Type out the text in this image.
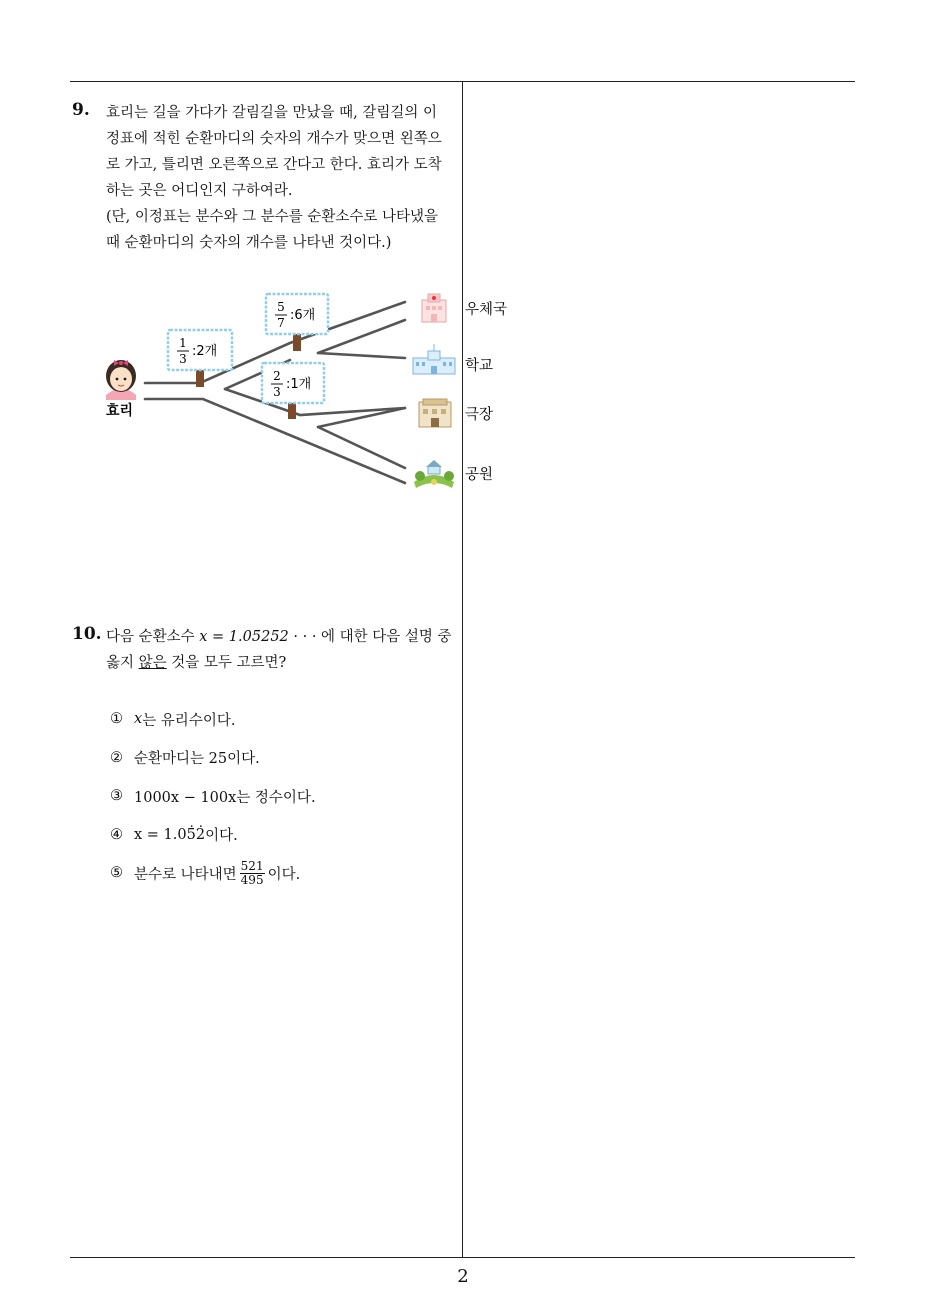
9. 효리는 길을 가다가 갈림길을 만났을 때, 갈림길의 이

정표에 적힌 순환마디의 숫자의 개수가 맞으면 왼쪽으

로 가고, 틀리면 오른쪽으로 간다고 한다. 효리가 도착

하는 곳은 어디인지 구하여라.

(단, 이정표는 분수와 그 분수를 순환소수로 나타냈을

때 순환마디의 숫자의 개수를 나타낸 것이다.)

1
3 :2개
5
7 :6개
2
3 :1개
효리
우체국
학교
극장
공원
10. 다음 순환소수 x = 1.05252 · · · 에 대한 다음 설명 중

옳지 않은 것을 모두 고르면?

① x 는 유리수이다.
② 순환마디는 25이다.
③ 1000x − 100x는 정수이다.
④ x = 1.0 5 . 2 . 이다.
⑤ 분수로 나타내면 $\frac{521}{495}$ 이다.
2
